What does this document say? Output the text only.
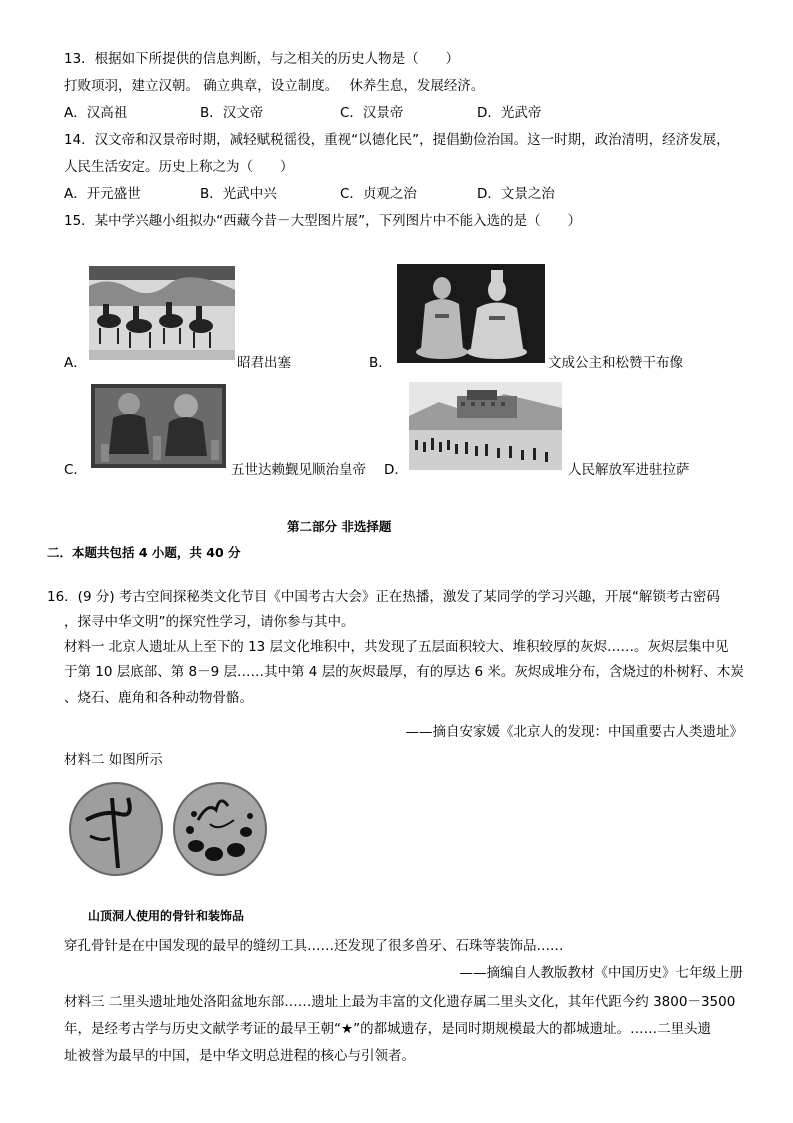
13．根据如下所提供的信息判断，与之相关的历史人物是（　　）
打败项羽，建立汉朝。 确立典章，设立制度。　 休养生息，发展经济。
A．汉高祖	B．汉文帝	C．汉景帝	D．光武帝
14．汉文帝和汉景帝时期，减轻赋税徭役，重视“以德化民”，提倡勤俭治国。这一时期，政治清明，经济发展，
人民生活安定。历史上称之为（　　）
A．开元盛世	B．光武中兴	C．贞观之治	D．文景之治
15．某中学兴趣小组拟办“西藏今昔－大型图片展”，下列图片中不能入选的是（　　）
A．	昭君出塞	B．	文成公主和松赞干布像
C．	五世达赖觐见顺治皇帝 D．	人民解放军进驻拉萨
第二部分 非选择题
二．本题共包括 4 小题，共 40 分
16．(9 分) 考古空间探秘类文化节目《中国考古大会》正在热播，激发了某同学的学习兴趣，开展“解锁考古密码
，探寻中华文明”的探究性学习，请你参与其中。
材料一 北京人遗址从上至下的 13 层文化堆积中，共发现了五层面积较大、堆积较厚的灰烬……。灰烬层集中见
于第 10 层底部、第 8－9 层……其中第 4 层的灰烬最厚，有的厚达 6 米。灰烬成堆分布，含烧过的朴树籽、木炭
、烧石、鹿角和各种动物骨骼。
——摘自安家媛《北京人的发现：中国重要古人类遗址》
材料二 如图所示
山顶洞人使用的骨针和装饰品
穿孔骨针是在中国发现的最早的缝纫工具……还发现了很多兽牙、石珠等装饰品……
——摘编自人教版教材《中国历史》七年级上册
材料三 二里头遗址地处洛阳盆地东部……遗址上最为丰富的文化遗存属二里头文化，其年代距今约 3800－3500
年，是经考古学与历史文献学考证的最早王朝“★”的都城遗存，是同时期规模最大的都城遗址。……二里头遗
址被誉为最早的中国，是中华文明总进程的核心与引领者。
